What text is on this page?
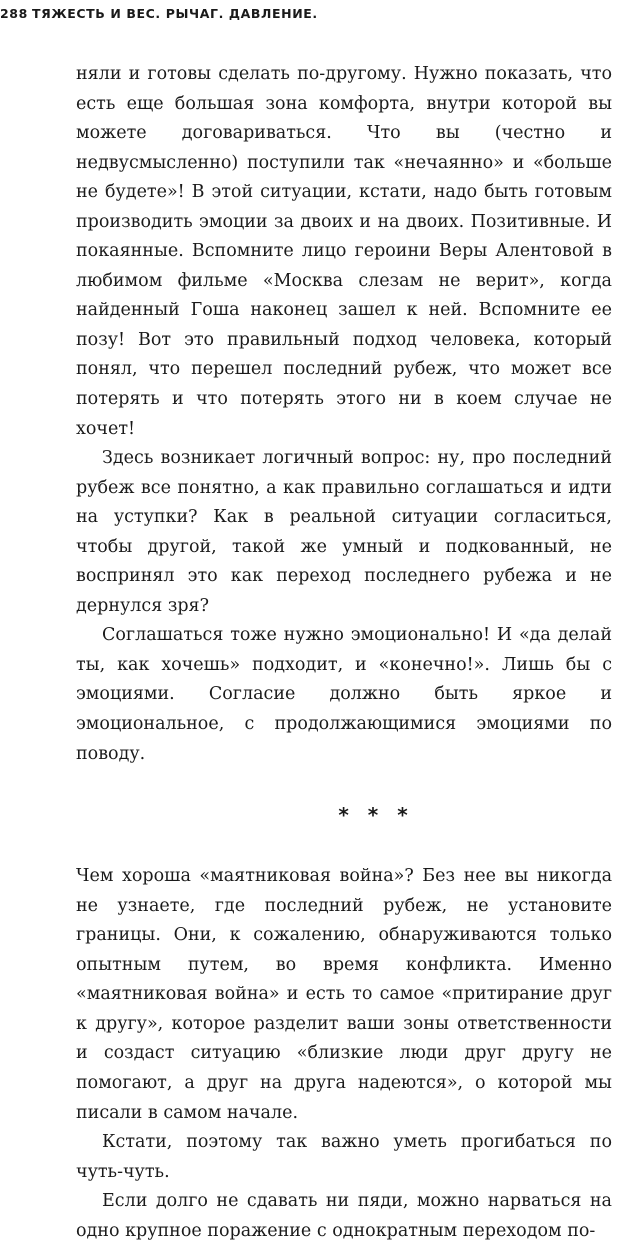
288 ТЯЖЕСТЬ И ВЕС. РЫЧАГ. ДАВЛЕНИЕ.

няли и готовы сделать по-другому. Нужно показать, что есть еще большая зона комфорта, внутри которой вы можете договариваться. Что вы (честно и недвусмысленно) поступили так «нечаянно» и «больше не будете»! В этой ситуации, кстати, надо быть готовым производить эмоции за двоих и на двоих. Позитивные. И покаянные. Вспомните лицо героини Веры Алентовой в любимом фильме «Москва слезам не верит», когда найденный Гоша наконец зашел к ней. Вспомните ее позу! Вот это правильный подход человека, который понял, что перешел последний рубеж, что может все потерять и что потерять этого ни в коем случае не хочет!

Здесь возникает логичный вопрос: ну, про последний рубеж все понятно, а как правильно соглашаться и идти на уступки? Как в реальной ситуации согласиться, чтобы другой, такой же умный и подкованный, не воспринял это как переход последнего рубежа и не дернулся зря?

Соглашаться тоже нужно эмоционально! И «да делай ты, как хочешь» подходит, и «конечно!». Лишь бы с эмоциями. Согласие должно быть яркое и эмоциональное, с продолжающимися эмоциями по поводу.

* * *

Чем хороша «маятниковая война»? Без нее вы никогда не узнаете, где последний рубеж, не установите границы. Они, к сожалению, обнаруживаются только опытным путем, во время конфликта. Именно «маятниковая война» и есть то самое «притирание друг к другу», которое разделит ваши зоны ответственности и создаст ситуацию «близкие люди друг другу не помогают, а друг на друга надеются», о которой мы писали в самом начале.

Кстати, поэтому так важно уметь прогибаться по чуть-чуть.

Если долго не сдавать ни пяди, можно нарваться на одно крупное поражение с однократным переходом по-
